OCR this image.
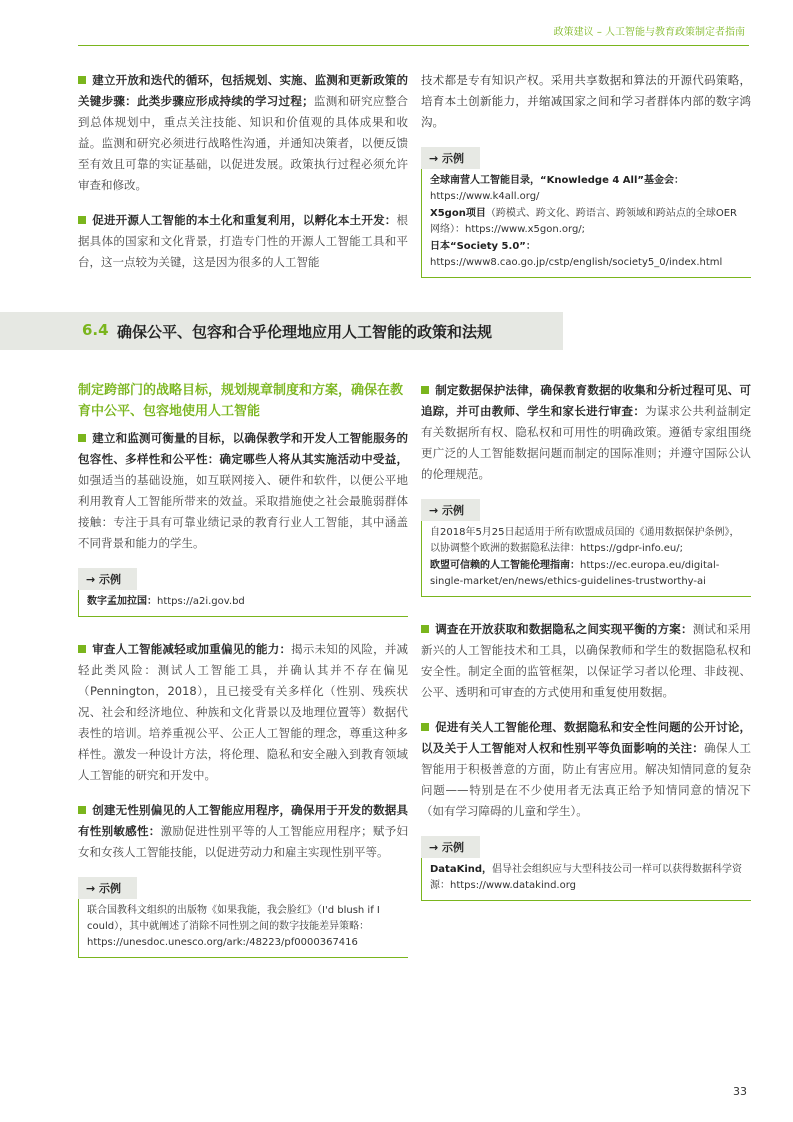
政策建议 – 人工智能与教育政策制定者指南

建立开放和迭代的循环，包括规划、实施、监测和更新政策的关键步骤：此类步骤应形成持续的学习过程；监测和研究应整合到总体规划中，重点关注技能、知识和价值观的具体成果和收益。监测和研究必须进行战略性沟通，并通知决策者，以便反馈至有效且可靠的实证基础，以促进发展。政策执行过程必须允许审查和修改。

促进开源人工智能的本土化和重复利用，以孵化本土开发：根据具体的国家和文化背景，打造专门性的开源人工智能工具和平台，这一点较为关键，这是因为很多的人工智能

技术都是专有知识产权。采用共享数据和算法的开源代码策略，培育本土创新能力，并缩减国家之间和学习者群体内部的数字鸿沟。

→ 示例
全球南营人工智能目录，“Knowledge 4 All”基金会：https://www.k4all.org/
X5gon项目（跨模式、跨文化、跨语言、跨领域和跨站点的全球OER网络）：https://www.x5gon.org/;
日本“Society 5.0”：https://www8.cao.go.jp/cstp/english/society5_0/index.html
6.4 确保公平、包容和合乎伦理地应用人工智能的政策和法规

制定跨部门的战略目标，规划规章制度和方案，确保在教育中公平、包容地使用人工智能

建立和监测可衡量的目标，以确保教学和开发人工智能服务的包容性、多样性和公平性：确定哪些人将从其实施活动中受益，如强适当的基础设施，如互联网接入、硬件和软件，以便公平地利用教育人工智能所带来的效益。采取措施使之社会最脆弱群体接触：专注于具有可靠业绩记录的教育行业人工智能，其中涵盖不同背景和能力的学生。

→ 示例
数字孟加拉国：https://a2i.gov.bd

审查人工智能减轻或加重偏见的能力：揭示未知的风险，并减轻此类风险：测试人工智能工具，并确认其并不存在偏见（Pennington，2018），且已接受有关多样化（性别、残疾状况、社会和经济地位、种族和文化背景以及地理位置等）数据代表性的培训。培养重视公平、公正人工智能的理念，尊重这种多样性。激发一种设计方法，将伦理、隐私和安全融入到教育领域人工智能的研究和开发中。

创建无性别偏见的人工智能应用程序，确保用于开发的数据具有性别敏感性：激励促进性别平等的人工智能应用程序；赋予妇女和女孩人工智能技能，以促进劳动力和雇主实现性别平等。

→ 示例
联合国教科文组织的出版物《如果我能，我会脸红》（I'd blush if I could），其中就阐述了消除不同性别之间的数字技能差异策略：https://unesdoc.unesco.org/ark:/48223/pf0000367416

制定数据保护法律，确保教育数据的收集和分析过程可见、可追踪，并可由教师、学生和家长进行审查：为谋求公共利益制定有关数据所有权、隐私权和可用性的明确政策。遵循专家组围绕更广泛的人工智能数据问题而制定的国际准则；并遵守国际公认的伦理规范。

→ 示例
自2018年5月25日起适用于所有欧盟成员国的《通用数据保护条例》，以协调整个欧洲的数据隐私法律：https://gdpr-info.eu/;
欧盟可信赖的人工智能伦理指南：https://ec.europa.eu/digital-single-market/en/news/ethics-guidelines-trustworthy-ai

调查在开放获取和数据隐私之间实现平衡的方案：测试和采用新兴的人工智能技术和工具，以确保教师和学生的数据隐私权和安全性。制定全面的监管框架，以保证学习者以伦理、非歧视、公平、透明和可审查的方式使用和重复使用数据。

促进有关人工智能伦理、数据隐私和安全性问题的公开讨论，以及关于人工智能对人权和性别平等负面影响的关注：确保人工智能用于积极善意的方面，防止有害应用。解决知情同意的复杂问题——特别是在不少使用者无法真正给予知情同意的情况下（如有学习障碍的儿童和学生）。

→ 示例
DataKind，倡导社会组织应与大型科技公司一样可以获得数据科学资源：https://www.datakind.org
33
